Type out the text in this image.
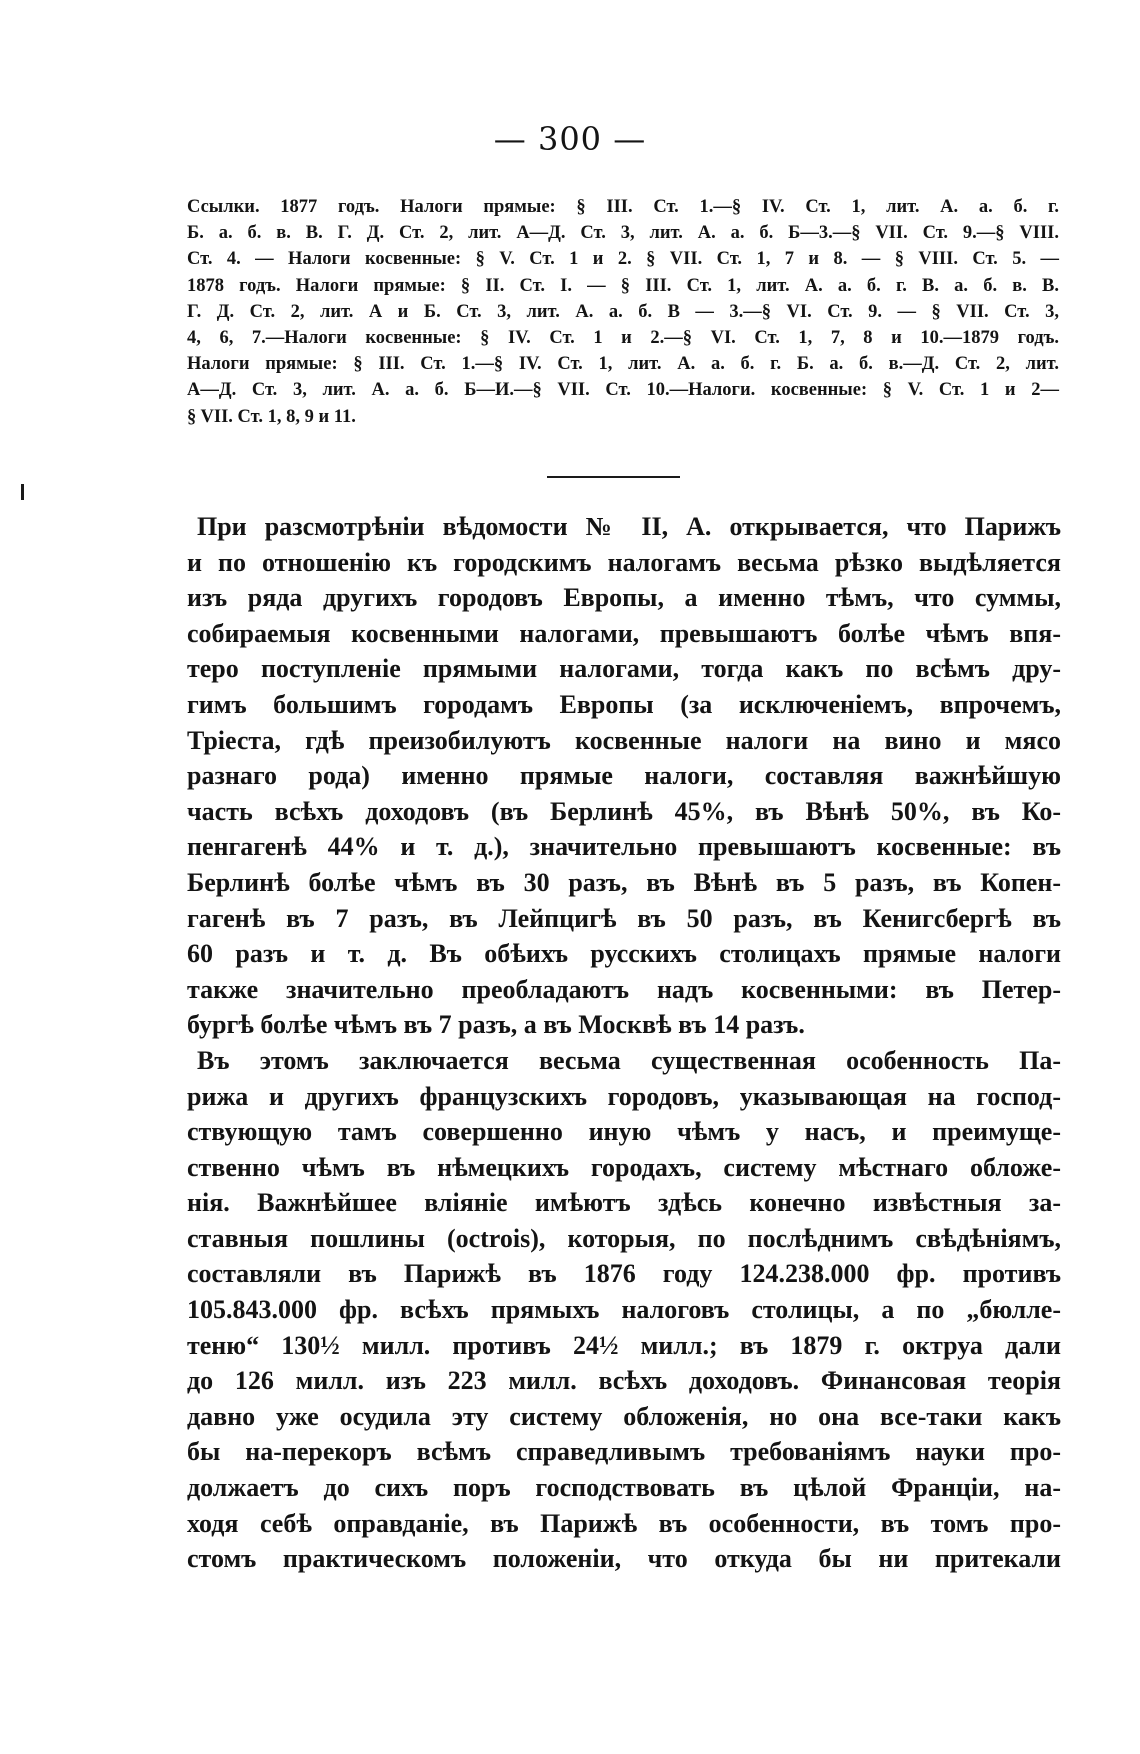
— 300 —
Ссылки. 1877 годъ. Налоги прямые: § III. Ст. 1.—§ IV. Ст. 1, лит. А. а. б. г.
Б. а. б. в. В. Г. Д. Ст. 2, лит. А—Д. Ст. 3, лит. А. а. б. Б—3.—§ VII. Ст. 9.—§ VIII.
Ст. 4. — Налоги косвенные: § V. Ст. 1 и 2. § VII. Ст. 1, 7 и 8. — § VIII. Ст. 5. —
1878 годъ. Налоги прямые: § II. Ст. I. — § III. Ст. 1, лит. А. а. б. г. В. а. б. в. В.
Г. Д. Ст. 2, лит. А и Б. Ст. 3, лит. А. а. б. В — 3.—§ VI. Ст. 9. — § VII. Ст. 3,
4, 6, 7.—Налоги косвенные: § IV. Ст. 1 и 2.—§ VI. Ст. 1, 7, 8 и 10.—1879 годъ.
Налоги прямые: § III. Ст. 1.—§ IV. Ст. 1, лит. А. а. б. г. Б. а. б. в.—Д. Ст. 2, лит.
А—Д. Ст. 3, лит. А. а. б. Б—И.—§ VII. Ст. 10.—Налоги. косвенные: § V. Ст. 1 и 2—
§ VII. Ст. 1, 8, 9 и 11.
При разсмотрѣніи вѣдомости № II, А. открывается, что Парижъ
и по отношенію къ городскимъ налогамъ весьма рѣзко выдѣляется
изъ ряда другихъ городовъ Европы, а именно тѣмъ, что суммы,
собираемыя косвенными налогами, превышаютъ болѣе чѣмъ впя-
теро поступленіе прямыми налогами, тогда какъ по всѣмъ дру-
гимъ большимъ городамъ Европы (за исключеніемъ, впрочемъ,
Тріеста, гдѣ преизобилуютъ косвенные налоги на вино и мясо
разнаго рода) именно прямые налоги, составляя важнѣйшую
часть всѣхъ доходовъ (въ Берлинѣ 45%, въ Вѣнѣ 50%, въ Ко-
пенгагенѣ 44% и т. д.), значительно превышаютъ косвенные: въ
Берлинѣ болѣе чѣмъ въ 30 разъ, въ Вѣнѣ въ 5 разъ, въ Копен-
гагенѣ въ 7 разъ, въ Лейпцигѣ въ 50 разъ, въ Кенигсбергѣ въ
60 разъ и т. д. Въ обѣихъ русскихъ столицахъ прямые налоги
также значительно преобладаютъ надъ косвенными: въ Петер-
бургѣ болѣе чѣмъ въ 7 разъ, а въ Москвѣ въ 14 разъ.
Въ этомъ заключается весьма существенная особенность Па-
рижа и другихъ французскихъ городовъ, указывающая на господ-
ствующую тамъ совершенно иную чѣмъ у насъ, и преимуще-
ственно чѣмъ въ нѣмецкихъ городахъ, систему мѣстнаго обложе-
нія. Важнѣйшее вліяніе имѣютъ здѣсь конечно извѣстныя за-
ставныя пошлины (octrois), которыя, по послѣднимъ свѣдѣніямъ,
составляли въ Парижѣ въ 1876 году 124.238.000 фр. противъ
105.843.000 фр. всѣхъ прямыхъ налоговъ столицы, а по „бюлле-
теню“ 130½ милл. противъ 24½ милл.; въ 1879 г. октруа дали
до 126 милл. изъ 223 милл. всѣхъ доходовъ. Финансовая теорія
давно уже осудила эту систему обложенія, но она все-таки какъ
бы на-перекоръ всѣмъ справедливымъ требованіямъ науки про-
должаетъ до сихъ поръ господствовать въ цѣлой Франціи, на-
ходя себѣ оправданіе, въ Парижѣ въ особенности, въ томъ про-
стомъ практическомъ положеніи, что откуда бы ни притекали
